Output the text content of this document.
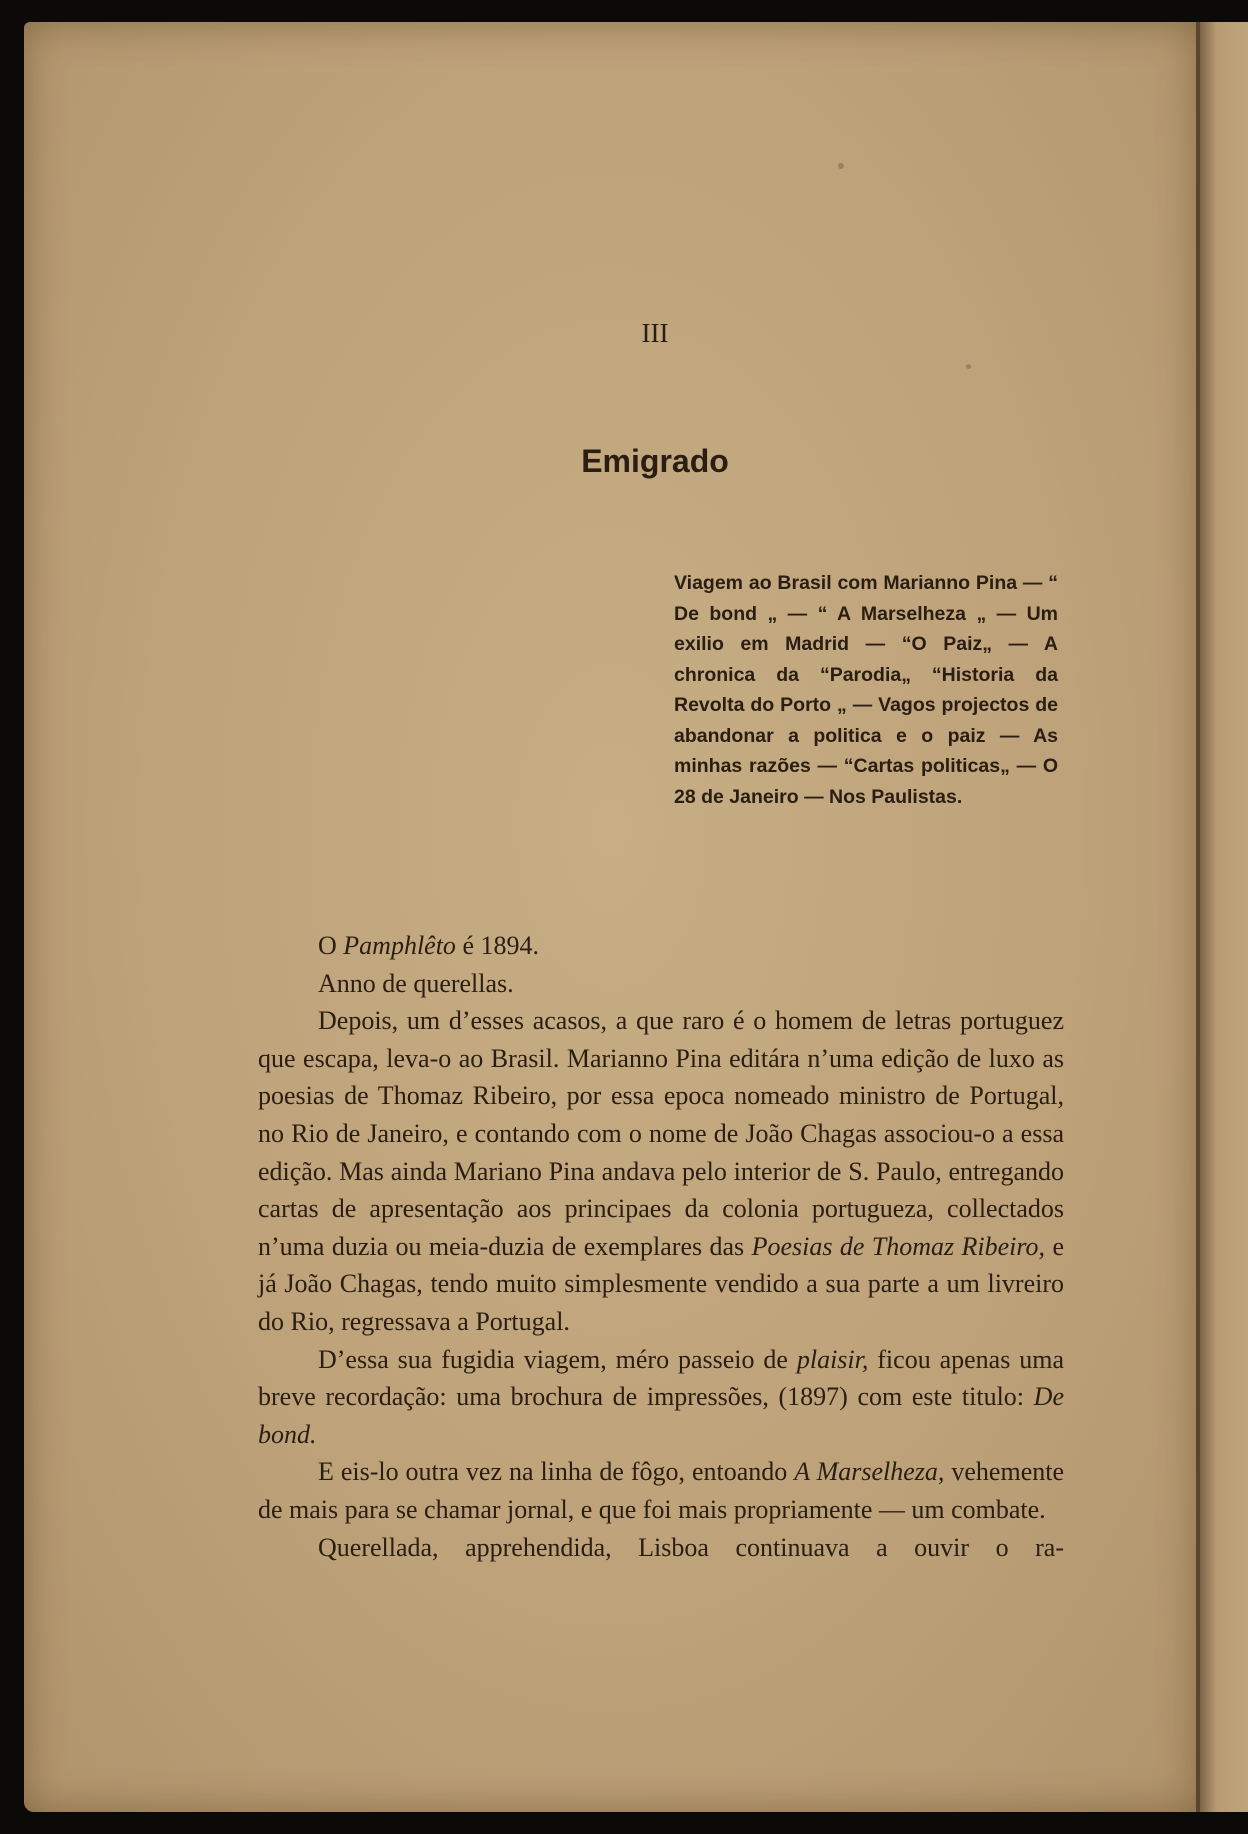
III
Emigrado

Viagem ao Brasil com Marianno Pina — “ De bond „ — “ A Marselheza „ — Um exilio em Madrid — “O Paiz„ — A chronica da “Parodia„ “Historia da Revolta do Porto „ — Vagos projectos de abandonar a politica e o paiz — As minhas razões — “Cartas politicas„ — O 28 de Janeiro — Nos Paulistas.

O Pamphlêto é 1894.

Anno de querellas.

Depois, um d’esses acasos, a que raro é o homem de letras portuguez que escapa, leva-o ao Brasil. Marianno Pina editára n’uma edição de luxo as poesias de Thomaz Ribeiro, por essa epoca nomeado ministro de Portugal, no Rio de Janeiro, e contando com o nome de João Chagas associou-o a essa edição. Mas ainda Mariano Pina andava pelo interior de S. Paulo, entregando cartas de apresentação aos principaes da colonia portugueza, collectados n’uma duzia ou meia-duzia de exemplares das Poesias de Thomaz Ribeiro, e já João Chagas, tendo muito simplesmente vendido a sua parte a um livreiro do Rio, regressava a Portugal.

D’essa sua fugidia viagem, méro passeio de plaisir, ficou apenas uma breve recordação: uma brochura de impressões, (1897) com este titulo: De bond.

E eis-lo outra vez na linha de fôgo, entoando A Marselheza, vehemente de mais para se chamar jornal, e que foi mais propriamente — um combate.

Querellada, apprehendida, Lisboa continuava a ouvir o ra-
